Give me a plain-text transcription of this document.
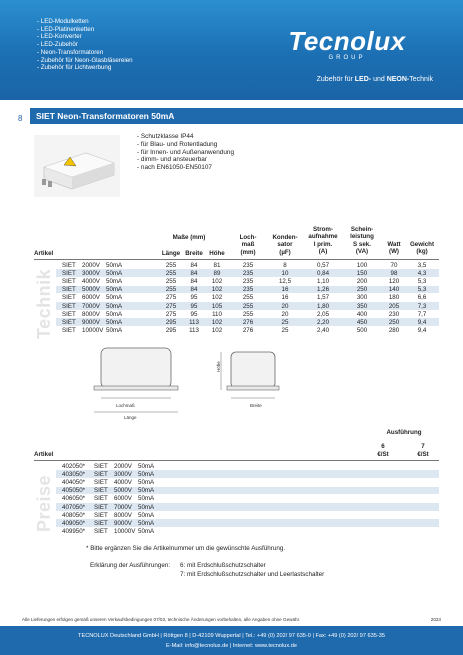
- LED-Modulketten
- LED-Platinenketten
- LED-Konverter
- LED-Zubehör
- Neon-Transformatoren
- Zubehör für Neon-Glasbläsereien
- Zubehör für Lichtwerbung
Tecnolux
GROUP
Zubehör für LED- und NEON-Technik
8 SIET Neon-Transformatoren 50mA
- Schutzklasse IP44
- für Blau- und Rotentladung
- für Innen- und Außenanwendung
- dimm- und ansteuerbar
- nach EN61050-EN50107
Maße (mm)
Länge Breite	Höhe
Loch-
maß
(mm)
Konden-
sator
(µF)
Strom-
aufnahme
I prim.
(A)
Schein-
leistung
S sek.
(VA)
Watt
(W)
Gewicht
(kg)
Artikel
Technik
SIET 2000V 50mA	255	84	81	235	8	0,57	100	70	3,5
SIET 3000V 50mA	255	84	89	235	10	0,84	150	98	4,3
SIET 4000V 50mA	255	84	102	235	12,5	1,10	200	120	5,3
SIET 5000V 50mA	255	84	102	235	16	1,26	250	140	5,3
SIET 6000V 50mA	275	95	102	255	16	1,57	300	180	6,6
SIET 7000V 50mA	275	95	105	255	20	1,80	350	205	7,3
SIET 8000V 50mA	275	95	110	255	20	2,05	400	230	7,7
SIET 9000V 50mA	295	113	102	276	25	2,20	450	250	9,4
SIET 10000V 50mA	295	113	102	276	25	2,40	500	280	9,4
Lochmaß
Länge
Höhe
Breite
Ausführung
6
€/St
7
€/St
Artikel
Preise
402050* SIET 2000V 50mA
403050* SIET 3000V 50mA
404050* SIET 4000V 50mA
405050* SIET 5000V 50mA
406050* SIET 6000V 50mA
407050* SIET 7000V 50mA
408050* SIET 8000V 50mA
409050* SIET 9000V 50mA
409950* SIET 10000V 50mA
* Bitte ergänzen Sie die Artikelnummer um die gewünschte Ausführung.
Erklärung der Ausführungen: 6: mit Erdschlußschutzschalter
7: mit Erdschlußschutzschalter und Leerlastschalter
Alle Lieferungen erfolgen gemäß unseren Verkaufsbedingungen 07/03, technische Änderungen vorbehalten, alle Angaben ohne Gewähr.	2023
TECNOLUX Deutschland GmbH | Röttgen 8 | D-42109 Wuppertal | Tel.: +49 (0) 202/ 97 635-0 | Fax: +49 (0) 202/ 97 635-35
E-Mail: info@tecnolux.de | Internet: www.tecnolux.de
